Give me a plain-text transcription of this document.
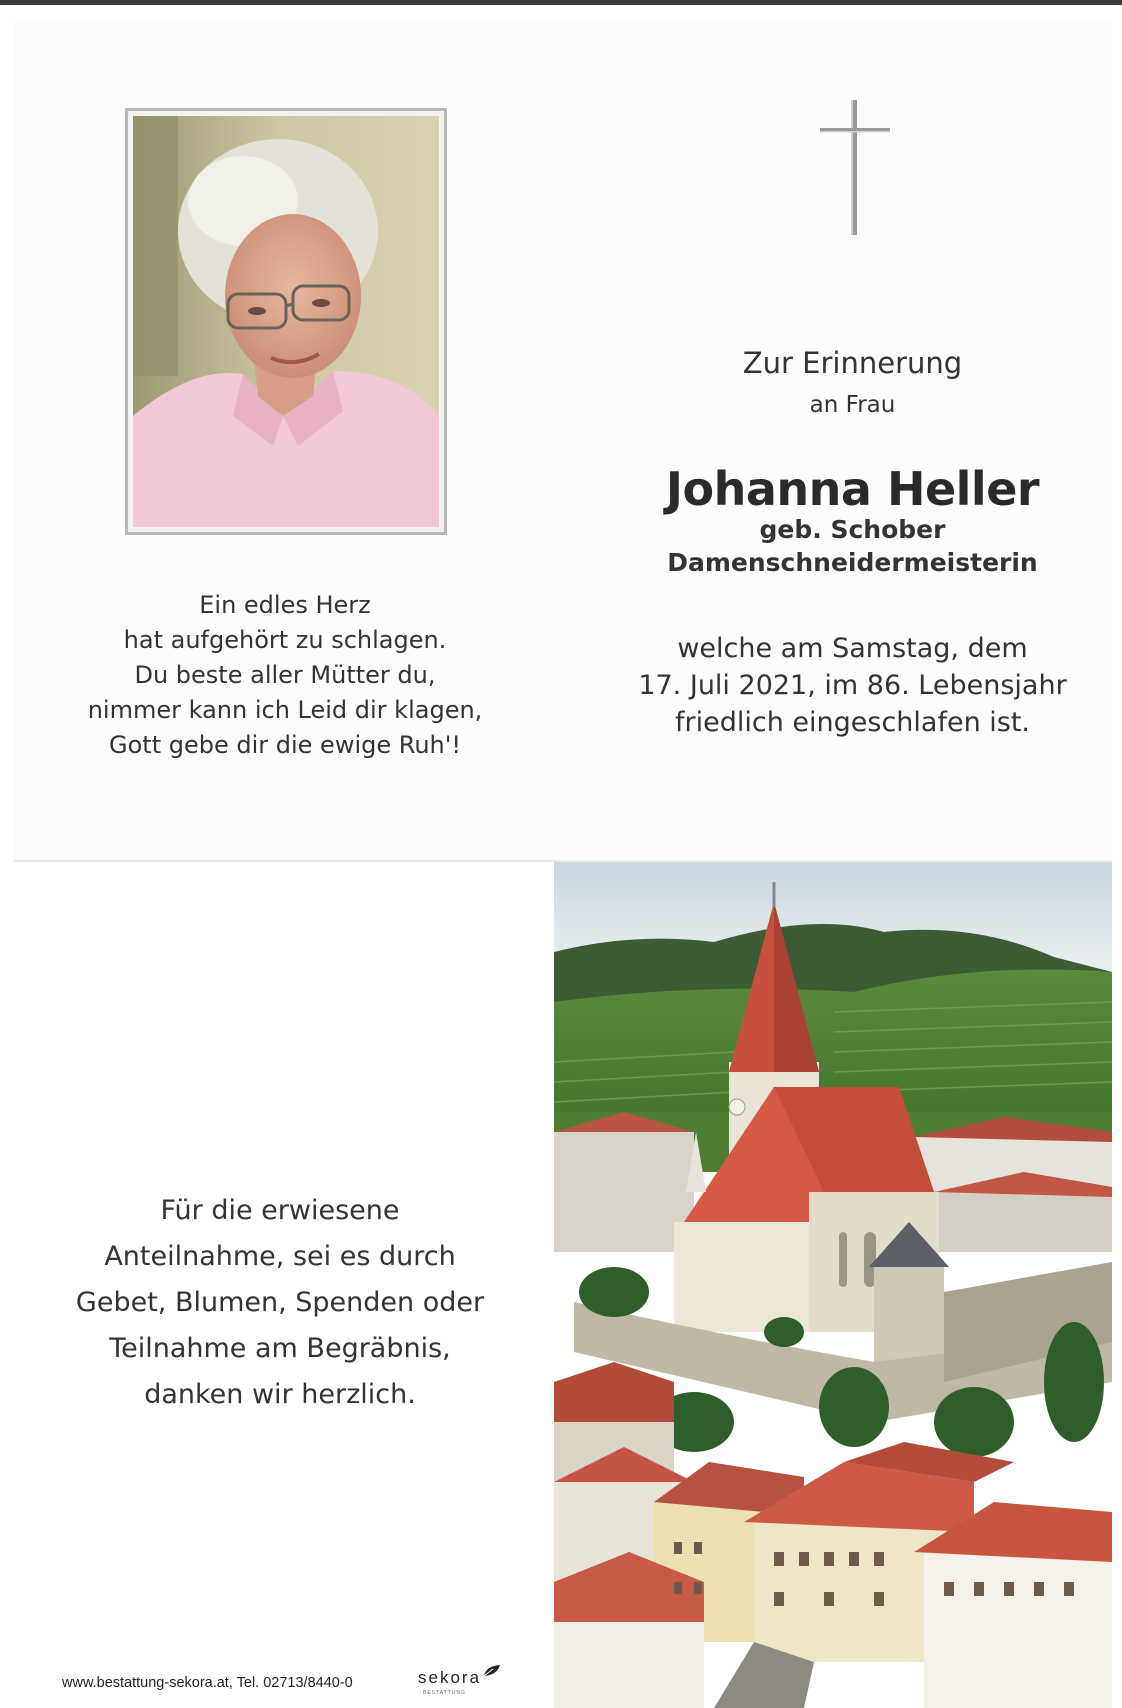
Zur Erinnerung
an Frau
Johanna Heller
geb. Schober
Damenschneidermeisterin
welche am Samstag, dem
17. Juli 2021, im 86. Lebensjahr
friedlich eingeschlafen ist.
Ein edles Herz
hat aufgehört zu schlagen.
Du beste aller Mütter du,
nimmer kann ich Leid dir klagen,
Gott gebe dir die ewige Ruh'!
Für die erwiesene
Anteilnahme, sei es durch
Gebet, Blumen, Spenden oder
Teilnahme am Begräbnis,
danken wir herzlich.
www.bestattung-sekora.at, Tel. 02713/8440-0	sekora
BESTATTUNG
